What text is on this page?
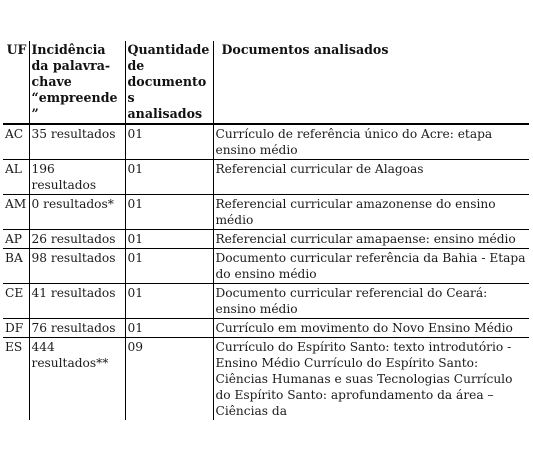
UF	Incidência da palavra-chave “empreende”	Quantidade de documentos analisados	Documentos analisados
AC	35 resultados	01	Currículo de referência único do Acre: etapa ensino médio
AL	196 resultados	01	Referencial curricular de Alagoas
AM	0 resultados*	01	Referencial curricular amazonense do ensino médio
AP	26 resultados	01	Referencial curricular amapaense: ensino médio
BA	98 resultados	01	Documento curricular referência da Bahia - Etapa do ensino médio
CE	41 resultados	01	Documento curricular referencial do Ceará: ensino médio
DF	76 resultados	01	Currículo em movimento do Novo Ensino Médio
ES	444 resultados**	09	Currículo do Espírito Santo: texto introdutório - Ensino Médio Currículo do Espírito Santo: Ciências Humanas e suas Tecnologias Currículo do Espírito Santo: aprofundamento da área – Ciências da
